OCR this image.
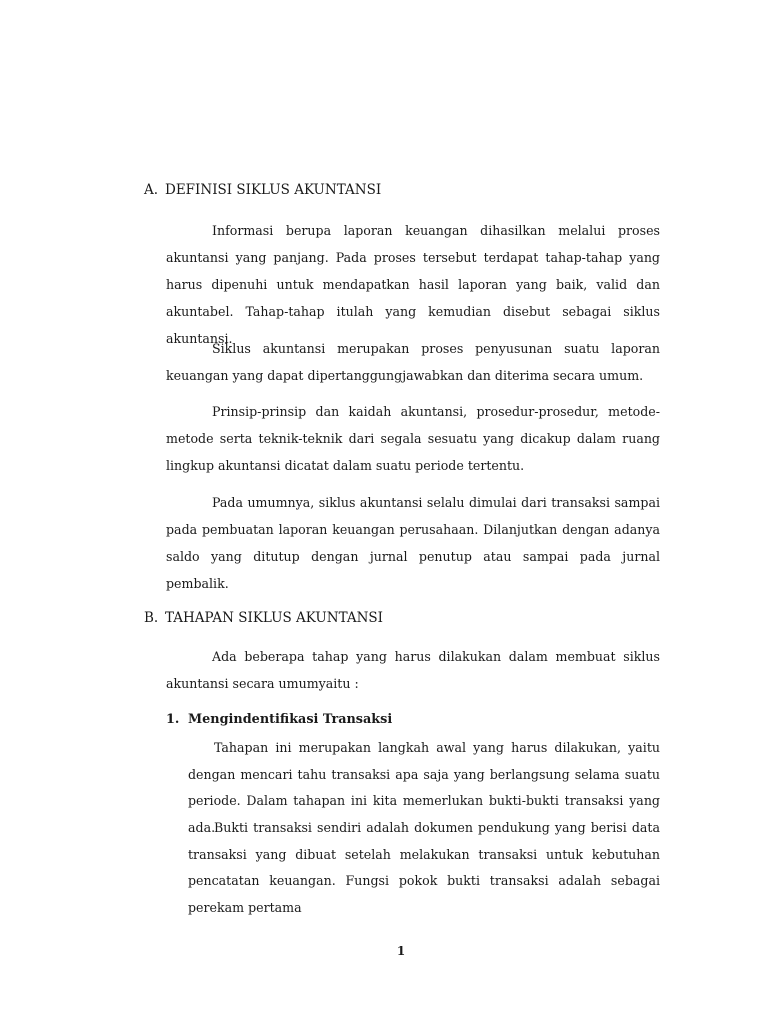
A. DEFINISI SIKLUS AKUNTANSI

Informasi berupa laporan keuangan dihasilkan melalui proses akuntansi yang panjang. Pada proses tersebut terdapat tahap-tahap yang harus dipenuhi untuk mendapatkan hasil laporan yang baik, valid dan akuntabel. Tahap-tahap itulah yang kemudian disebut sebagai siklus akuntansi.

Siklus akuntansi merupakan proses penyusunan suatu laporan keuangan yang dapat dipertanggungjawabkan dan diterima secara umum.

Prinsip-prinsip dan kaidah akuntansi, prosedur-prosedur, metode-metode serta teknik-teknik dari segala sesuatu yang dicakup dalam ruang lingkup akuntansi dicatat dalam suatu periode tertentu.

Pada umumnya, siklus akuntansi selalu dimulai dari transaksi sampai pada pembuatan laporan keuangan perusahaan. Dilanjutkan dengan adanya saldo yang ditutup dengan jurnal penutup atau sampai pada jurnal pembalik.

B. TAHAPAN SIKLUS AKUNTANSI

Ada beberapa tahap yang harus dilakukan dalam membuat siklus akuntansi secara umumyaitu :

1. Mengindentifikasi Transaksi

Tahapan ini merupakan langkah awal yang harus dilakukan, yaitu dengan mencari tahu transaksi apa saja yang berlangsung selama suatu periode. Dalam tahapan ini kita memerlukan bukti-bukti transaksi yang ada.

Bukti transaksi sendiri adalah dokumen pendukung yang berisi data transaksi yang dibuat setelah melakukan transaksi untuk kebutuhan pencatatan keuangan. Fungsi pokok bukti transaksi adalah sebagai perekam pertama

1
